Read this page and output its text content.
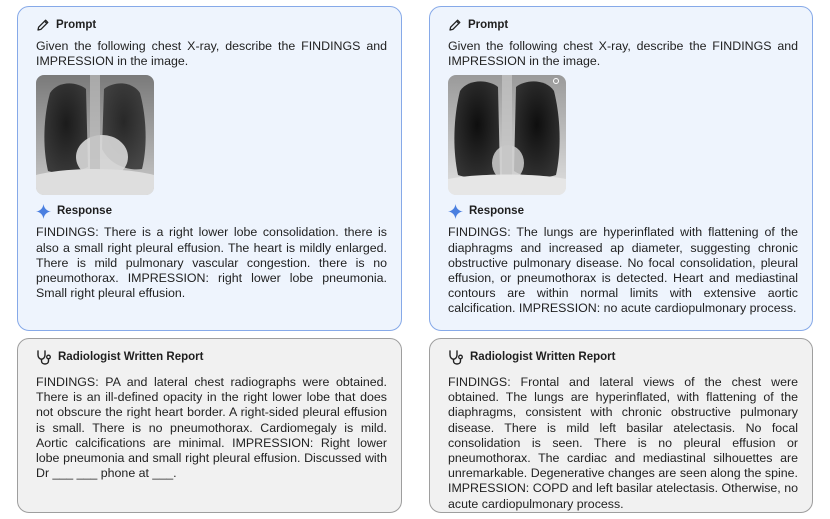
Prompt
Given the following chest X-ray, describe the FINDINGS and IMPRESSION in the image.
Response
FINDINGS: There is a right lower lobe consolidation. there is also a small right pleural effusion. The heart is mildly enlarged. There is mild pulmonary vascular congestion. there is no pneumothorax. IMPRESSION: right lower lobe pneumonia. Small right pleural effusion.
Prompt
Given the following chest X-ray, describe the FINDINGS and IMPRESSION in the image.
Response
FINDINGS: The lungs are hyperinflated with flattening of the diaphragms and increased ap diameter, suggesting chronic obstructive pulmonary disease. No focal consolidation, pleural effusion, or pneumothorax is detected. Heart and mediastinal contours are within normal limits with extensive aortic calcification. IMPRESSION: no acute cardiopulmonary process.
Radiologist Written Report
FINDINGS: PA and lateral chest radiographs were obtained. There is an ill-defined opacity in the right lower lobe that does not obscure the right heart border. A right-sided pleural effusion is small. There is no pneumothorax. Cardiomegaly is mild. Aortic calcifications are minimal. IMPRESSION: Right lower lobe pneumonia and small right pleural effusion. Discussed with Dr ___ ___ phone at ___.
Radiologist Written Report
FINDINGS: Frontal and lateral views of the chest were obtained. The lungs are hyperinflated, with flattening of the diaphragms, consistent with chronic obstructive pulmonary disease. There is mild left basilar atelectasis. No focal consolidation is seen. There is no pleural effusion or pneumothorax. The cardiac and mediastinal silhouettes are unremarkable. Degenerative changes are seen along the spine. IMPRESSION: COPD and left basilar atelectasis. Otherwise, no acute cardiopulmonary process.
